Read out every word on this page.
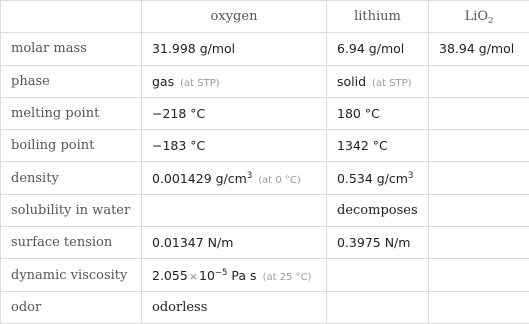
	oxygen	lithium	LiO$_2$
molar mass	31.998 g/mol	6.94 g/mol	38.94 g/mol
phase	gas (at STP)	solid (at STP)	
melting point	−218 °C	180 °C	
boiling point	−183 °C	1342 °C	
density	0.001429 $g/cm^3$ (at 0 °C)	0.534 $g/cm^3$	
solubility in water		decomposes	
surface tension	0.01347 N/m	0.3975 N/m	
dynamic viscosity	$2.055\times 10^{-5}$ Pa s (at 25 °C)		
odor	odorless		
